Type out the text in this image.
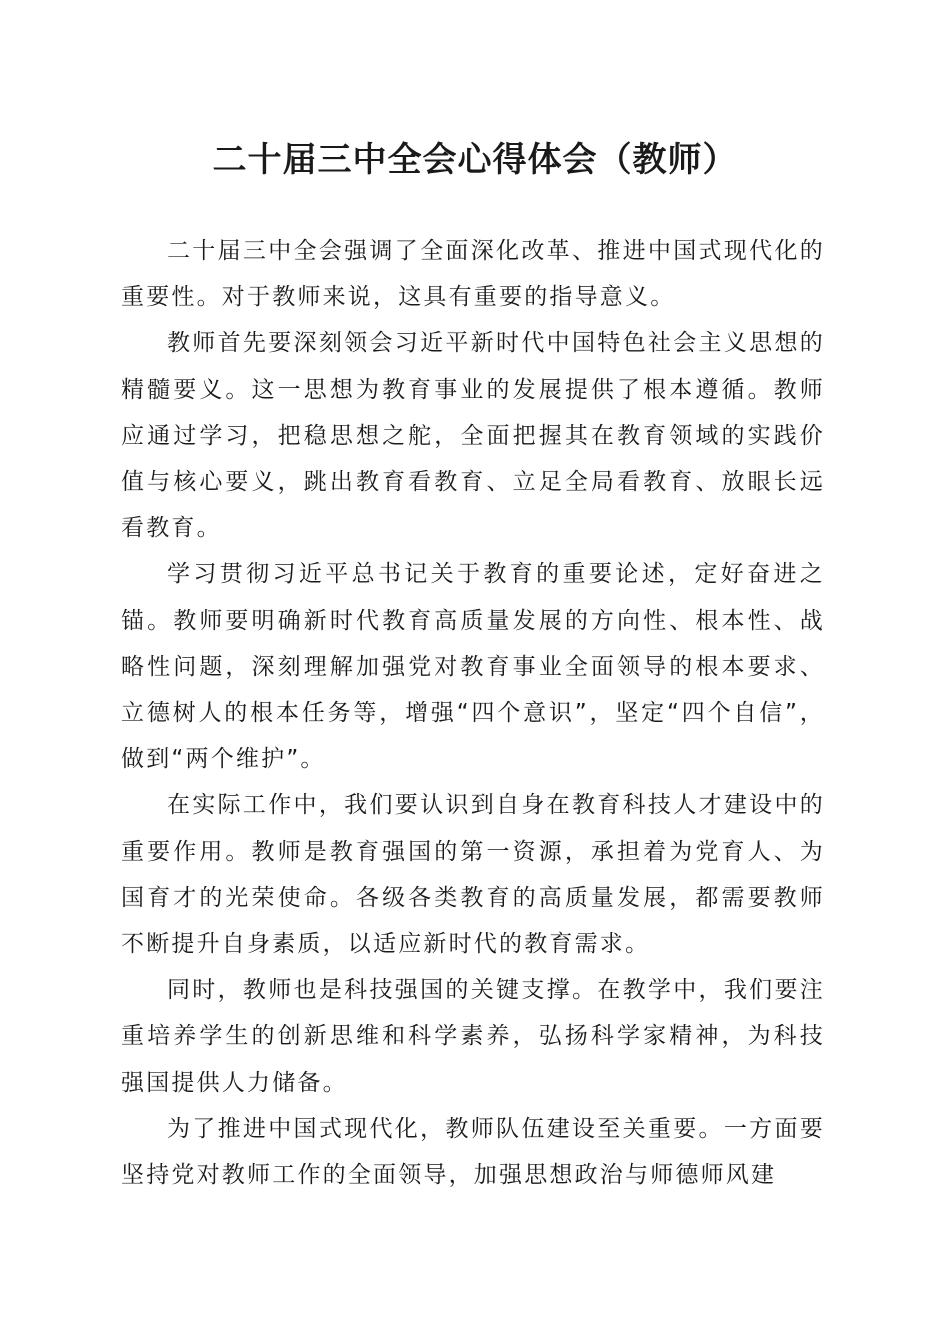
二十届三中全会心得体会（教师）

二十届三中全会强调了全面深化改革、推进中国式现代化的重要性。对于教师来说，这具有重要的指导意义。

教师首先要深刻领会习近平新时代中国特色社会主义思想的精髓要义。这一思想为教育事业的发展提供了根本遵循。教师应通过学习，把稳思想之舵，全面把握其在教育领域的实践价值与核心要义，跳出教育看教育、立足全局看教育、放眼长远看教育。

学习贯彻习近平总书记关于教育的重要论述，定好奋进之锚。教师要明确新时代教育高质量发展的方向性、根本性、战略性问题，深刻理解加强党对教育事业全面领导的根本要求、立德树人的根本任务等，增强“四个意识”，坚定“四个自信”，做到“两个维护”。

在实际工作中，我们要认识到自身在教育科技人才建设中的重要作用。教师是教育强国的第一资源，承担着为党育人、为国育才的光荣使命。各级各类教育的高质量发展，都需要教师不断提升自身素质，以适应新时代的教育需求。

同时，教师也是科技强国的关键支撑。在教学中，我们要注重培养学生的创新思维和科学素养，弘扬科学家精神，为科技强国提供人力储备。

为了推进中国式现代化，教师队伍建设至关重要。一方面要坚持党对教师工作的全面领导，加强思想政治与师德师风建
